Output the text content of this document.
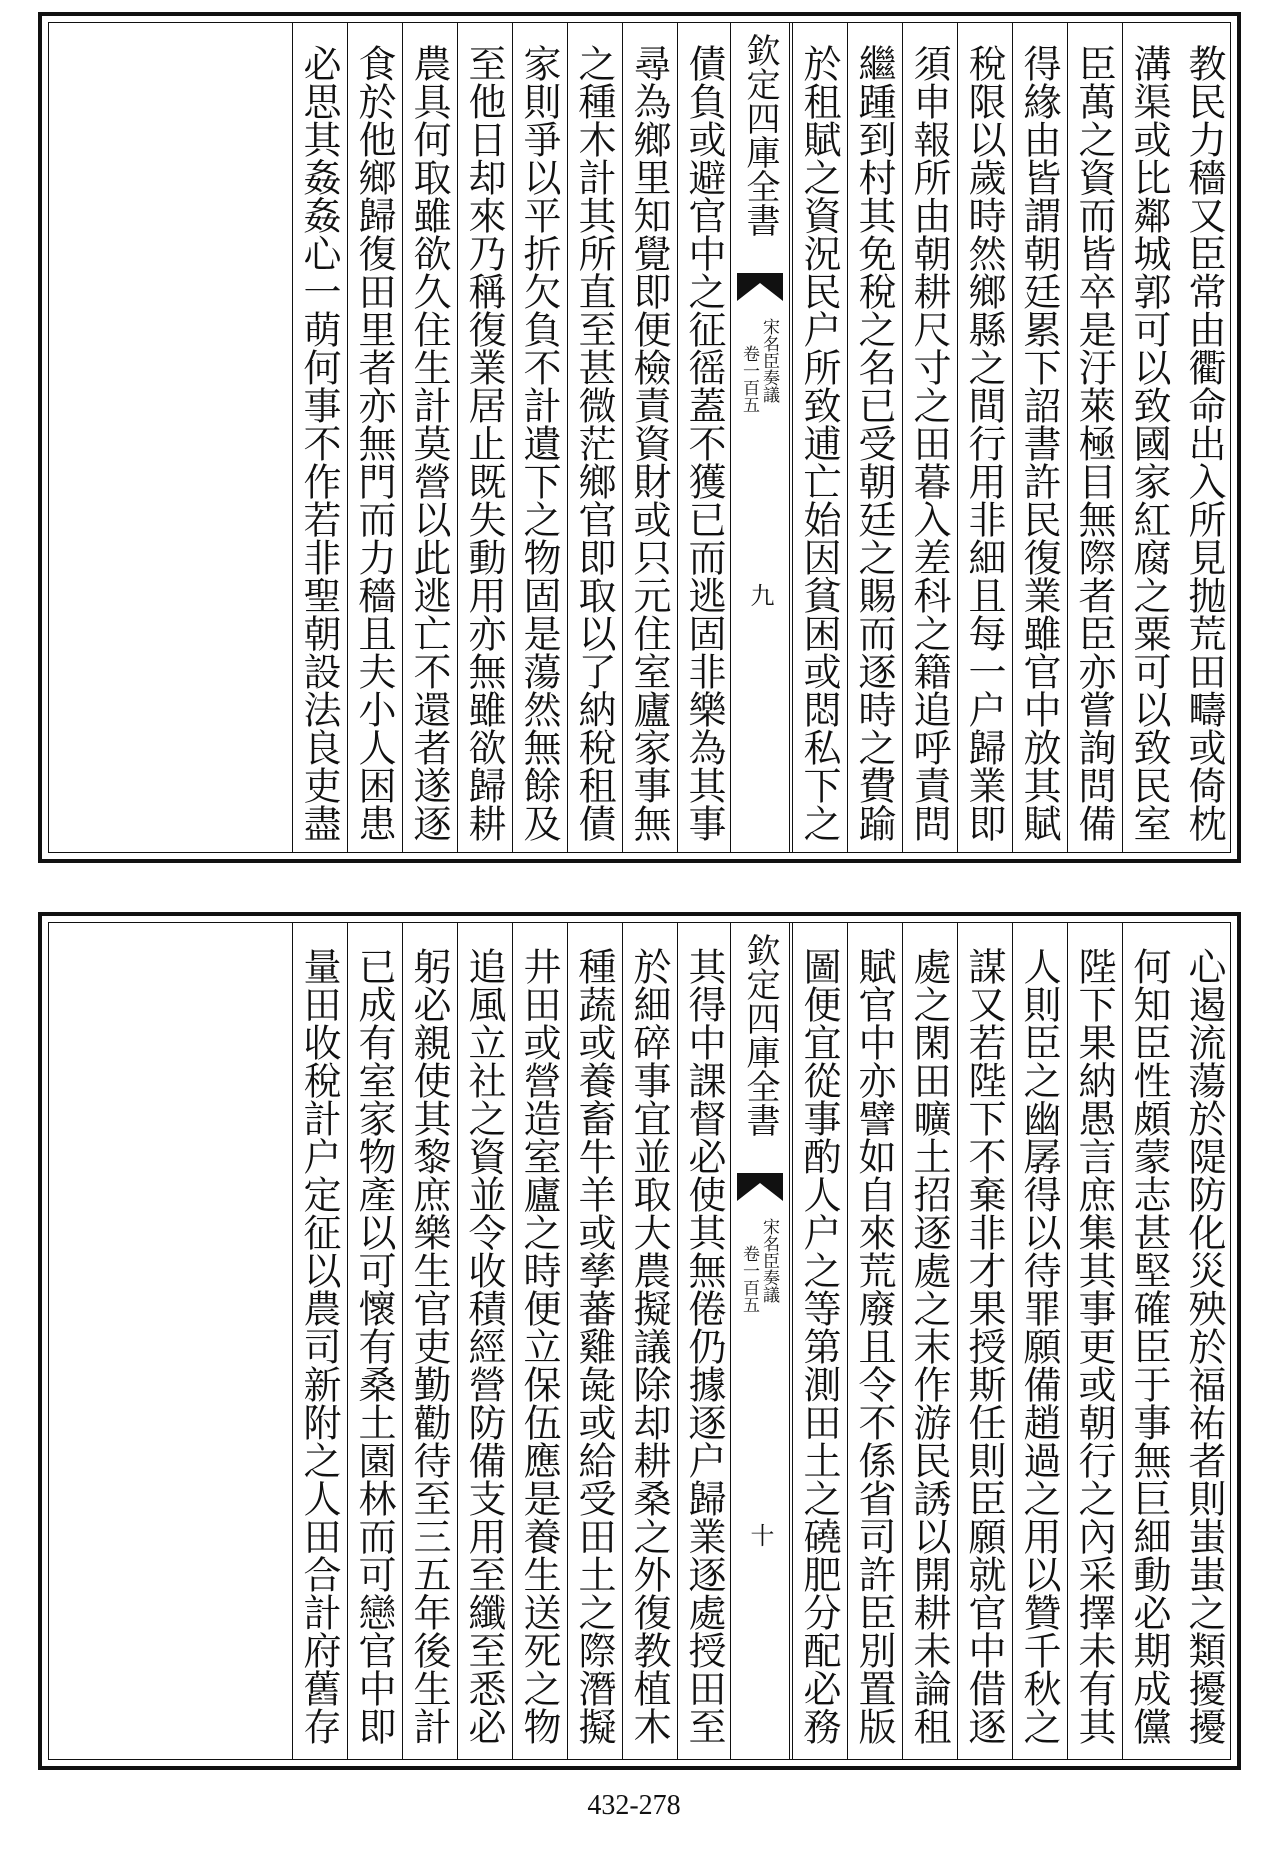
教民力穡又臣常由衢命出入所見抛荒田疇或倚枕
溝渠或比鄰城郭可以致國家紅腐之粟可以致民室
臣萬之資而皆卒是汙萊極目無際者臣亦嘗詢問備
得緣由皆謂朝廷累下詔書許民復業雖官中放其賦
稅限以歲時然鄉縣之間行用非細且每一户歸業即
須申報所由朝耕尺寸之田暮入差科之籍追呼責問
繼踵到村其免稅之名已受朝廷之賜而逐時之費踰
於租賦之資況民户所致逋亡始因貧困或悶私下之
欽定四庫全書
宋名臣奏議
卷一百五
九
債負或避官中之征徭蓋不獲已而逃固非樂為其事
尋為鄉里知覺即便檢責資財或只元住室廬家事無
之種木計其所直至甚微茫鄉官即取以了納稅租債
家則爭以平折欠負不計遺下之物固是蕩然無餘及
至他日却來乃稱復業居止既失動用亦無雖欲歸耕
農具何取雖欲久住生計莫營以此逃亡不還者遂逐
食於他鄉歸復田里者亦無門而力穡且夫小人困患
必思其姦姦心一萌何事不作若非聖朝設法良吏盡
心遏流蕩於隄防化災殃於福祐者則蚩蚩之類擾擾
何知臣性頗蒙志甚堅確臣于事無巨細動必期成儻
陛下果納愚言庶集其事更或朝行之內采擇未有其
人則臣之幽孱得以待罪願備趙過之用以贊千秋之
謀又若陛下不棄非才果授斯任則臣願就官中借逐
處之閑田曠土招逐處之末作游民誘以開耕未論租
賦官中亦譬如自來荒廢且令不係省司許臣別置版
圖便宜從事酌人户之等第測田土之磽肥分配必務
欽定四庫全書
宋名臣奏議
卷一百五
十
其得中課督必使其無倦仍據逐户歸業逐處授田至
於細碎事宜並取大農擬議除却耕桑之外復教植木
種蔬或養畜牛羊或孳蕃雞彘或給受田土之際潛擬
井田或營造室廬之時便立保伍應是養生送死之物
追風立社之資並令收積經營防備支用至纖至悉必
躬必親使其黎庶樂生官吏勤勸待至三五年後生計
已成有室家物產以可懷有桑土園林而可戀官中即
量田收稅計户定征以農司新附之人田合計府舊存
432-278
